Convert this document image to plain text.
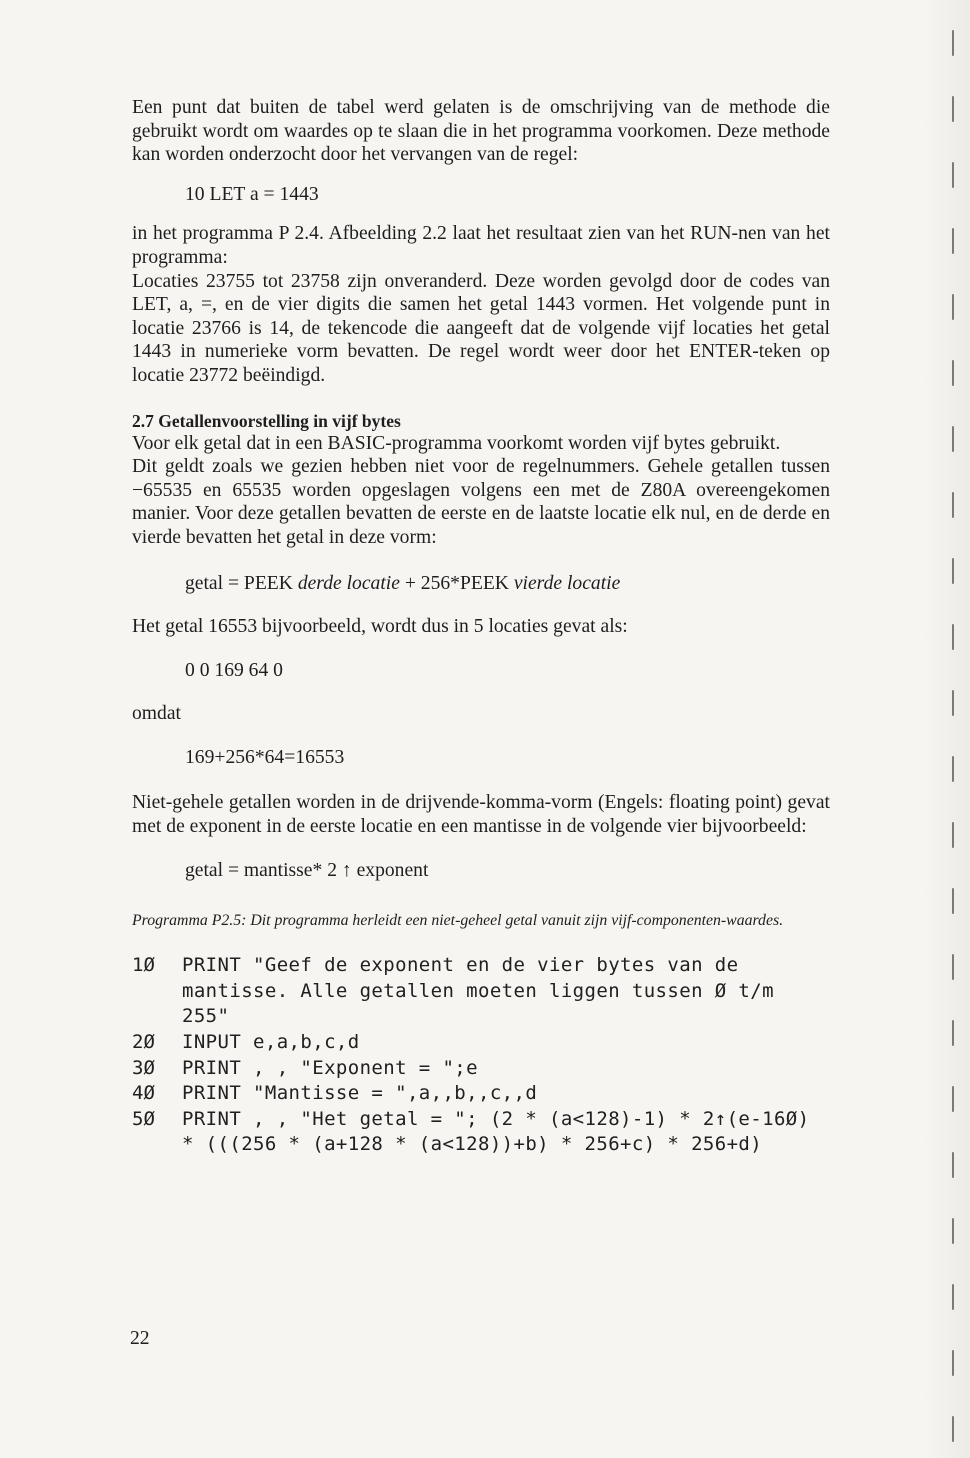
Een punt dat buiten de tabel werd gelaten is de omschrijving van de methode die gebruikt wordt om waardes op te slaan die in het programma voorkomen. Deze methode kan worden onderzocht door het vervangen van de regel:

10 LET a = 1443

in het programma P 2.4. Afbeelding 2.2 laat het resultaat zien van het RUN-nen van het programma:

Locaties 23755 tot 23758 zijn onveranderd. Deze worden gevolgd door de codes van LET, a, =, en de vier digits die samen het getal 1443 vormen. Het volgende punt in locatie 23766 is 14, de tekencode die aangeeft dat de volgende vijf locaties het getal 1443 in numerieke vorm bevatten. De regel wordt weer door het ENTER-teken op locatie 23772 beëindigd.

2.7 Getallenvoorstelling in vijf bytes

Voor elk getal dat in een BASIC-programma voorkomt worden vijf bytes gebruikt.

Dit geldt zoals we gezien hebben niet voor de regelnummers. Gehele getallen tussen −65535 en 65535 worden opgeslagen volgens een met de Z80A overeengekomen manier. Voor deze getallen bevatten de eerste en de laatste locatie elk nul, en de derde en vierde bevatten het getal in deze vorm:

getal = PEEK derde locatie + 256*PEEK vierde locatie

Het getal 16553 bijvoorbeeld, wordt dus in 5 locaties gevat als:

0 0 169 64 0

omdat

169+256*64=16553

Niet-gehele getallen worden in de drijvende-komma-vorm (Engels: floating point) gevat met de exponent in de eerste locatie en een mantisse in de volgende vier bijvoorbeeld:

getal = mantisse* 2 ↑ exponent

Programma P2.5: Dit programma herleidt een niet-geheel getal vanuit zijn vijf-componenten-waardes.

1Ø	PRINT "Geef de exponent en de vier bytes van de mantisse. Alle getallen moeten liggen tussen Ø t/m 255"
2Ø	INPUT e,a,b,c,d
3Ø	PRINT , , "Exponent = ";e
4Ø	PRINT "Mantisse = ",a,,b,,c,,d
5Ø	PRINT , , "Het getal = "; (2 * (a<128)-1) * 2↑(e-16Ø) * (((256 * (a+128 * (a<128))+b) * 256+c) * 256+d)
22
